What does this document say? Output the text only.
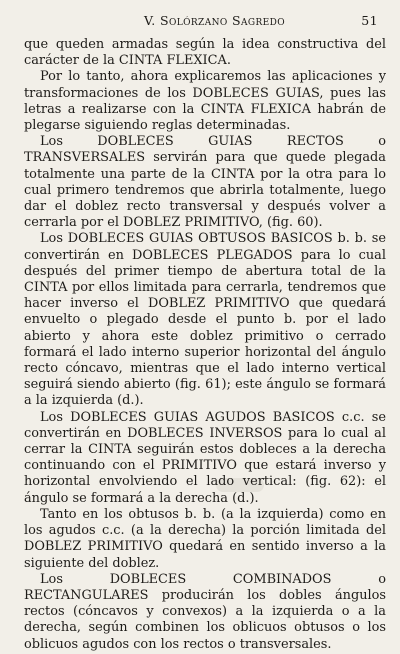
V. Solórzano Sagredo	51

que queden armadas según la idea constructiva del carácter de la CINTA FLEXICA.

Por lo tanto, ahora explicaremos las aplicaciones y transformaciones de los DOBLECES GUIAS, pues las letras a realizarse con la CINTA FLEXICA habrán de plegarse siguiendo reglas determinadas.

Los DOBLECES GUIAS RECTOS o TRANSVERSALES servirán para que quede plegada totalmente una parte de la CINTA por la otra para lo cual primero tendremos que abrirla totalmente, luego dar el doblez recto transversal y después volver a cerrarla por el DOBLEZ PRIMITIVO, (fig. 60).

Los DOBLECES GUIAS OBTUSOS BASICOS b. b. se convertirán en DOBLECES PLEGADOS para lo cual después del primer tiempo de abertura total de la CINTA por ellos limitada para cerrarla, tendremos que hacer inverso el DOBLEZ PRIMITIVO que quedará envuelto o plegado desde el punto b. por el lado abierto y ahora este doblez primitivo o cerrado formará el lado interno superior horizontal del ángulo recto cóncavo, mientras que el lado interno vertical seguirá siendo abierto (fig. 61); este ángulo se formará a la izquierda (d.).

Los DOBLECES GUIAS AGUDOS BASICOS c.c. se convertirán en DOBLECES INVERSOS para lo cual al cerrar la CINTA seguirán estos dobleces a la derecha continuando con el PRIMITIVO que estará inverso y horizontal envolviendo el lado vertical: (fig. 62): el ángulo se formará a la derecha (d.).

Tanto en los obtusos b. b. (a la izquierda) como en los agudos c.c. (a la derecha) la porción limitada del DOBLEZ PRIMITIVO quedará en sentido inverso a la siguiente del doblez.

Los DOBLECES COMBINADOS o RECTANGULARES producirán los dobles ángulos rectos (cóncavos y convexos) a la izquierda o a la derecha, según combinen los oblicuos obtusos o los oblicuos agudos con los rectos o transversales.
